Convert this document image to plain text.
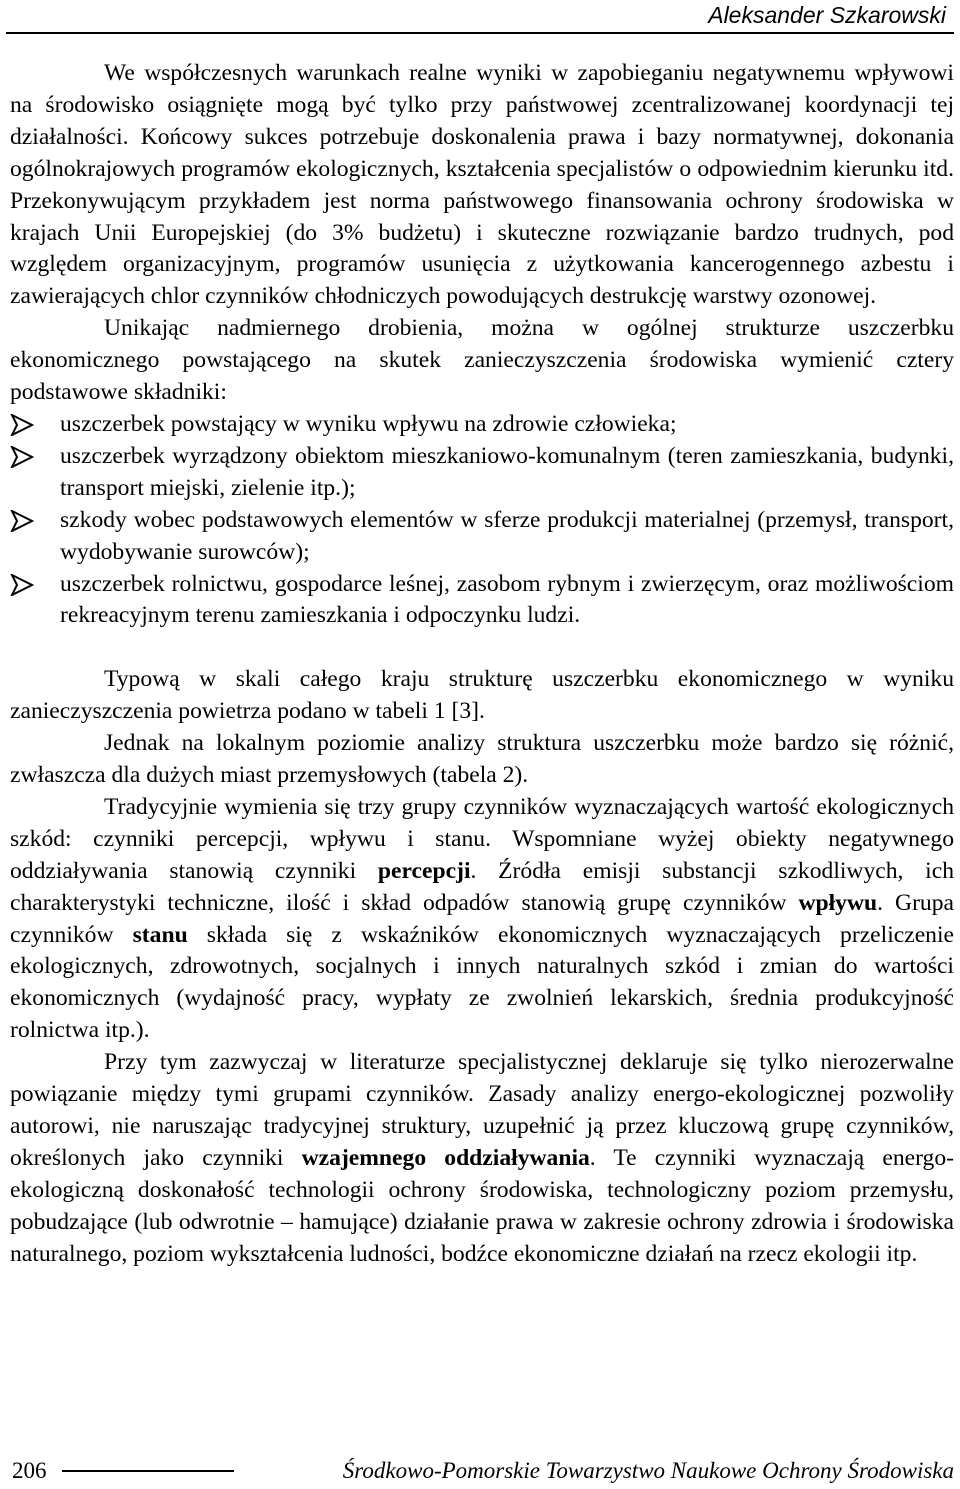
Aleksander Szkarowski

We współczesnych warunkach realne wyniki w zapobieganiu negatywnemu wpływowi na środowisko osiągnięte mogą być tylko przy państwowej zcentralizowanej koordynacji tej działalności. Końcowy sukces potrzebuje doskonalenia prawa i bazy normatywnej, dokonania ogólnokrajowych programów ekologicznych, kształcenia specjalistów o odpowiednim kierunku itd. Przekonywującym przykładem jest norma państwowego finansowania ochrony środowiska w krajach Unii Europejskiej (do 3% budżetu) i skuteczne rozwiązanie bardzo trudnych, pod względem organizacyjnym, programów usunięcia z użytkowania kancerogennego azbestu i zawierających chlor czynników chłodniczych powodujących destrukcję warstwy ozonowej.

Unikając nadmiernego drobienia, można w ogólnej strukturze uszczerbku ekonomicznego powstającego na skutek zanieczyszczenia środowiska wymienić cztery podstawowe składniki:

uszczerbek powstający w wyniku wpływu na zdrowie człowieka;
uszczerbek wyrządzony obiektom mieszkaniowo-komunalnym (teren zamieszkania, budynki, transport miejski, zielenie itp.);
szkody wobec podstawowych elementów w sferze produkcji materialnej (przemysł, transport, wydobywanie surowców);
uszczerbek rolnictwu, gospodarce leśnej, zasobom rybnym i zwierzęcym, oraz możliwościom rekreacyjnym terenu zamieszkania i odpoczynku ludzi.

Typową w skali całego kraju strukturę uszczerbku ekonomicznego w wyniku zanieczyszczenia powietrza podano w tabeli 1 [3].

Jednak na lokalnym poziomie analizy struktura uszczerbku może bardzo się różnić, zwłaszcza dla dużych miast przemysłowych (tabela 2).

Tradycyjnie wymienia się trzy grupy czynników wyznaczających wartość ekologicznych szkód: czynniki percepcji, wpływu i stanu. Wspomniane wyżej obiekty negatywnego oddziaływania stanowią czynniki percepcji. Źródła emisji substancji szkodliwych, ich charakterystyki techniczne, ilość i skład odpadów stanowią grupę czynników wpływu. Grupa czynników stanu składa się z wskaźników ekonomicznych wyznaczających przeliczenie ekologicznych, zdrowotnych, socjalnych i innych naturalnych szkód i zmian do wartości ekonomicznych (wydajność pracy, wypłaty ze zwolnień lekarskich, średnia produkcyjność rolnictwa itp.).

Przy tym zazwyczaj w literaturze specjalistycznej deklaruje się tylko nierozerwalne powiązanie między tymi grupami czynników. Zasady analizy energo-ekologicznej pozwoliły autorowi, nie naruszając tradycyjnej struktury, uzupełnić ją przez kluczową grupę czynników, określonych jako czynniki wzajemnego oddziaływania. Te czynniki wyznaczają energo-ekologiczną doskonałość technologii ochrony środowiska, technologiczny poziom przemysłu, pobudzające (lub odwrotnie – hamujące) działanie prawa w zakresie ochrony zdrowia i środowiska naturalnego, poziom wykształcenia ludności, bodźce ekonomiczne działań na rzecz ekologii itp.

206	Środkowo-Pomorskie Towarzystwo Naukowe Ochrony Środowiska
